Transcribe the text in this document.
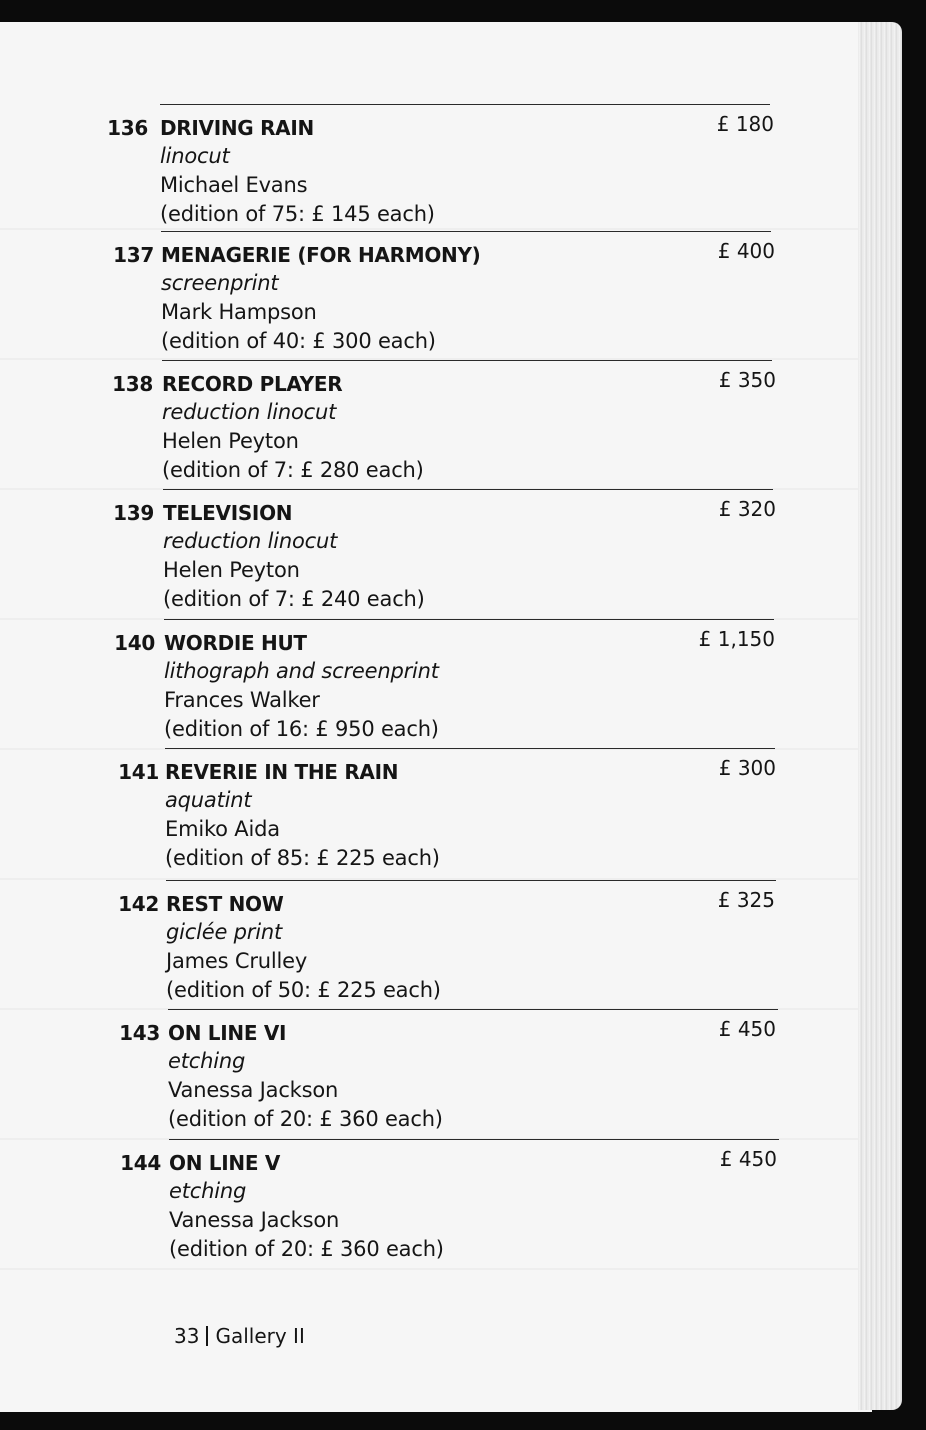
136 DRIVING RAIN
linocut
Michael Evans
(edition of 75: £ 145 each)
£ 180
137 MENAGERIE (FOR HARMONY)
screenprint
Mark Hampson
(edition of 40: £ 300 each)
£ 400
138 RECORD PLAYER
reduction linocut
Helen Peyton
(edition of 7: £ 280 each)
£ 350
139 TELEVISION
reduction linocut
Helen Peyton
(edition of 7: £ 240 each)
£ 320
140 WORDIE HUT
lithograph and screenprint
Frances Walker
(edition of 16: £ 950 each)
£ 1,150
141 REVERIE IN THE RAIN
aquatint
Emiko Aida
(edition of 85: £ 225 each)
£ 300
142 REST NOW
giclée print
James Crulley
(edition of 50: £ 225 each)
£ 325
143 ON LINE VI
etching
Vanessa Jackson
(edition of 20: £ 360 each)
£ 450
144 ON LINE V
etching
Vanessa Jackson
(edition of 20: £ 360 each)
£ 450
33 Gallery II
